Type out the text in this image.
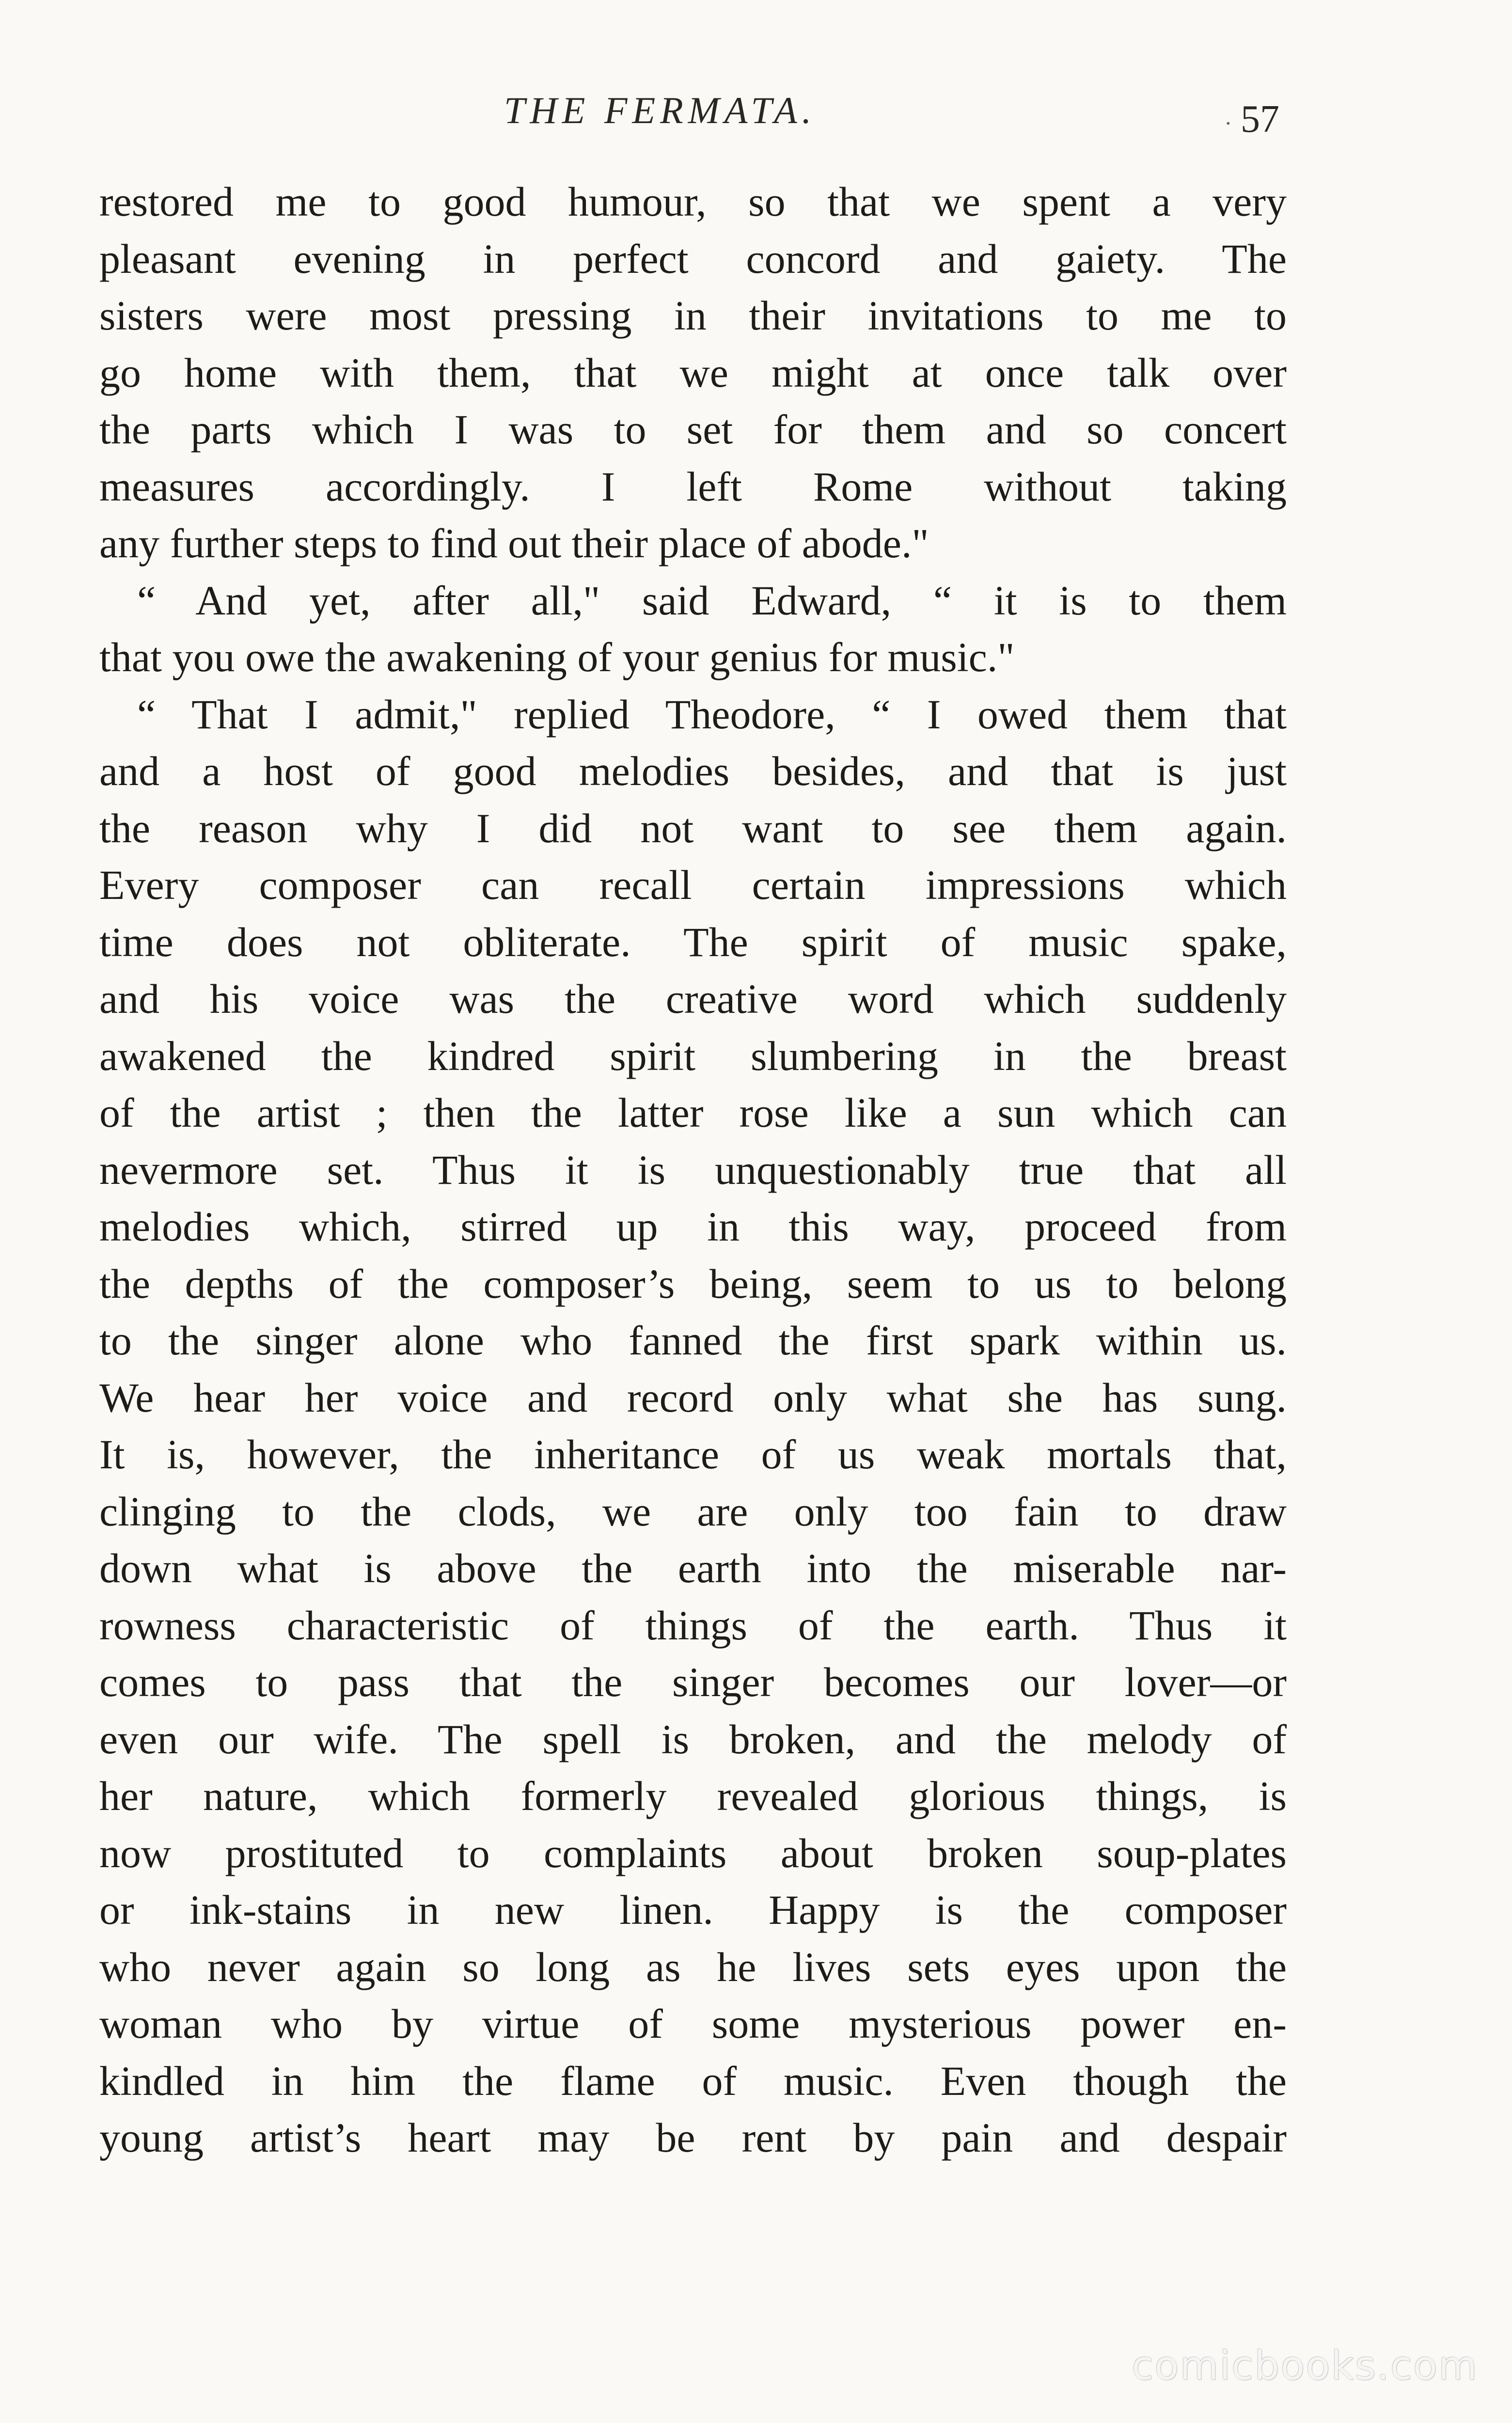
THE FERMATA.
·	57
restored me to good humour, so that we spent a very
pleasant evening in perfect concord and gaiety. The
sisters were most pressing in their invitations to me to
go home with them, that we might at once talk over
the parts which I was to set for them and so concert
measures accordingly. I left Rome without taking
any further steps to find out their place of abode."
“ And yet, after all," said Edward, “ it is to them
that you owe the awakening of your genius for music."
“ That I admit," replied Theodore, “ I owed them that
and a host of good melodies besides, and that is just
the reason why I did not want to see them again.
Every composer can recall certain impressions which
time does not obliterate. The spirit of music spake,
and his voice was the creative word which suddenly
awakened the kindred spirit slumbering in the breast
of the artist ; then the latter rose like a sun which can
nevermore set. Thus it is unquestionably true that all
melodies which, stirred up in this way, proceed from
the depths of the composer’s being, seem to us to belong
to the singer alone who fanned the first spark within us.
We hear her voice and record only what she has sung.
It is, however, the inheritance of us weak mortals that,
clinging to the clods, we are only too fain to draw
down what is above the earth into the miserable nar-
rowness characteristic of things of the earth. Thus it
comes to pass that the singer becomes our lover—or
even our wife. The spell is broken, and the melody of
her nature, which formerly revealed glorious things, is
now prostituted to complaints about broken soup-plates
or ink-stains in new linen. Happy is the composer
who never again so long as he lives sets eyes upon the
woman who by virtue of some mysterious power en-
kindled in him the flame of music. Even though the
young artist’s heart may be rent by pain and despair
comicbooks.com
